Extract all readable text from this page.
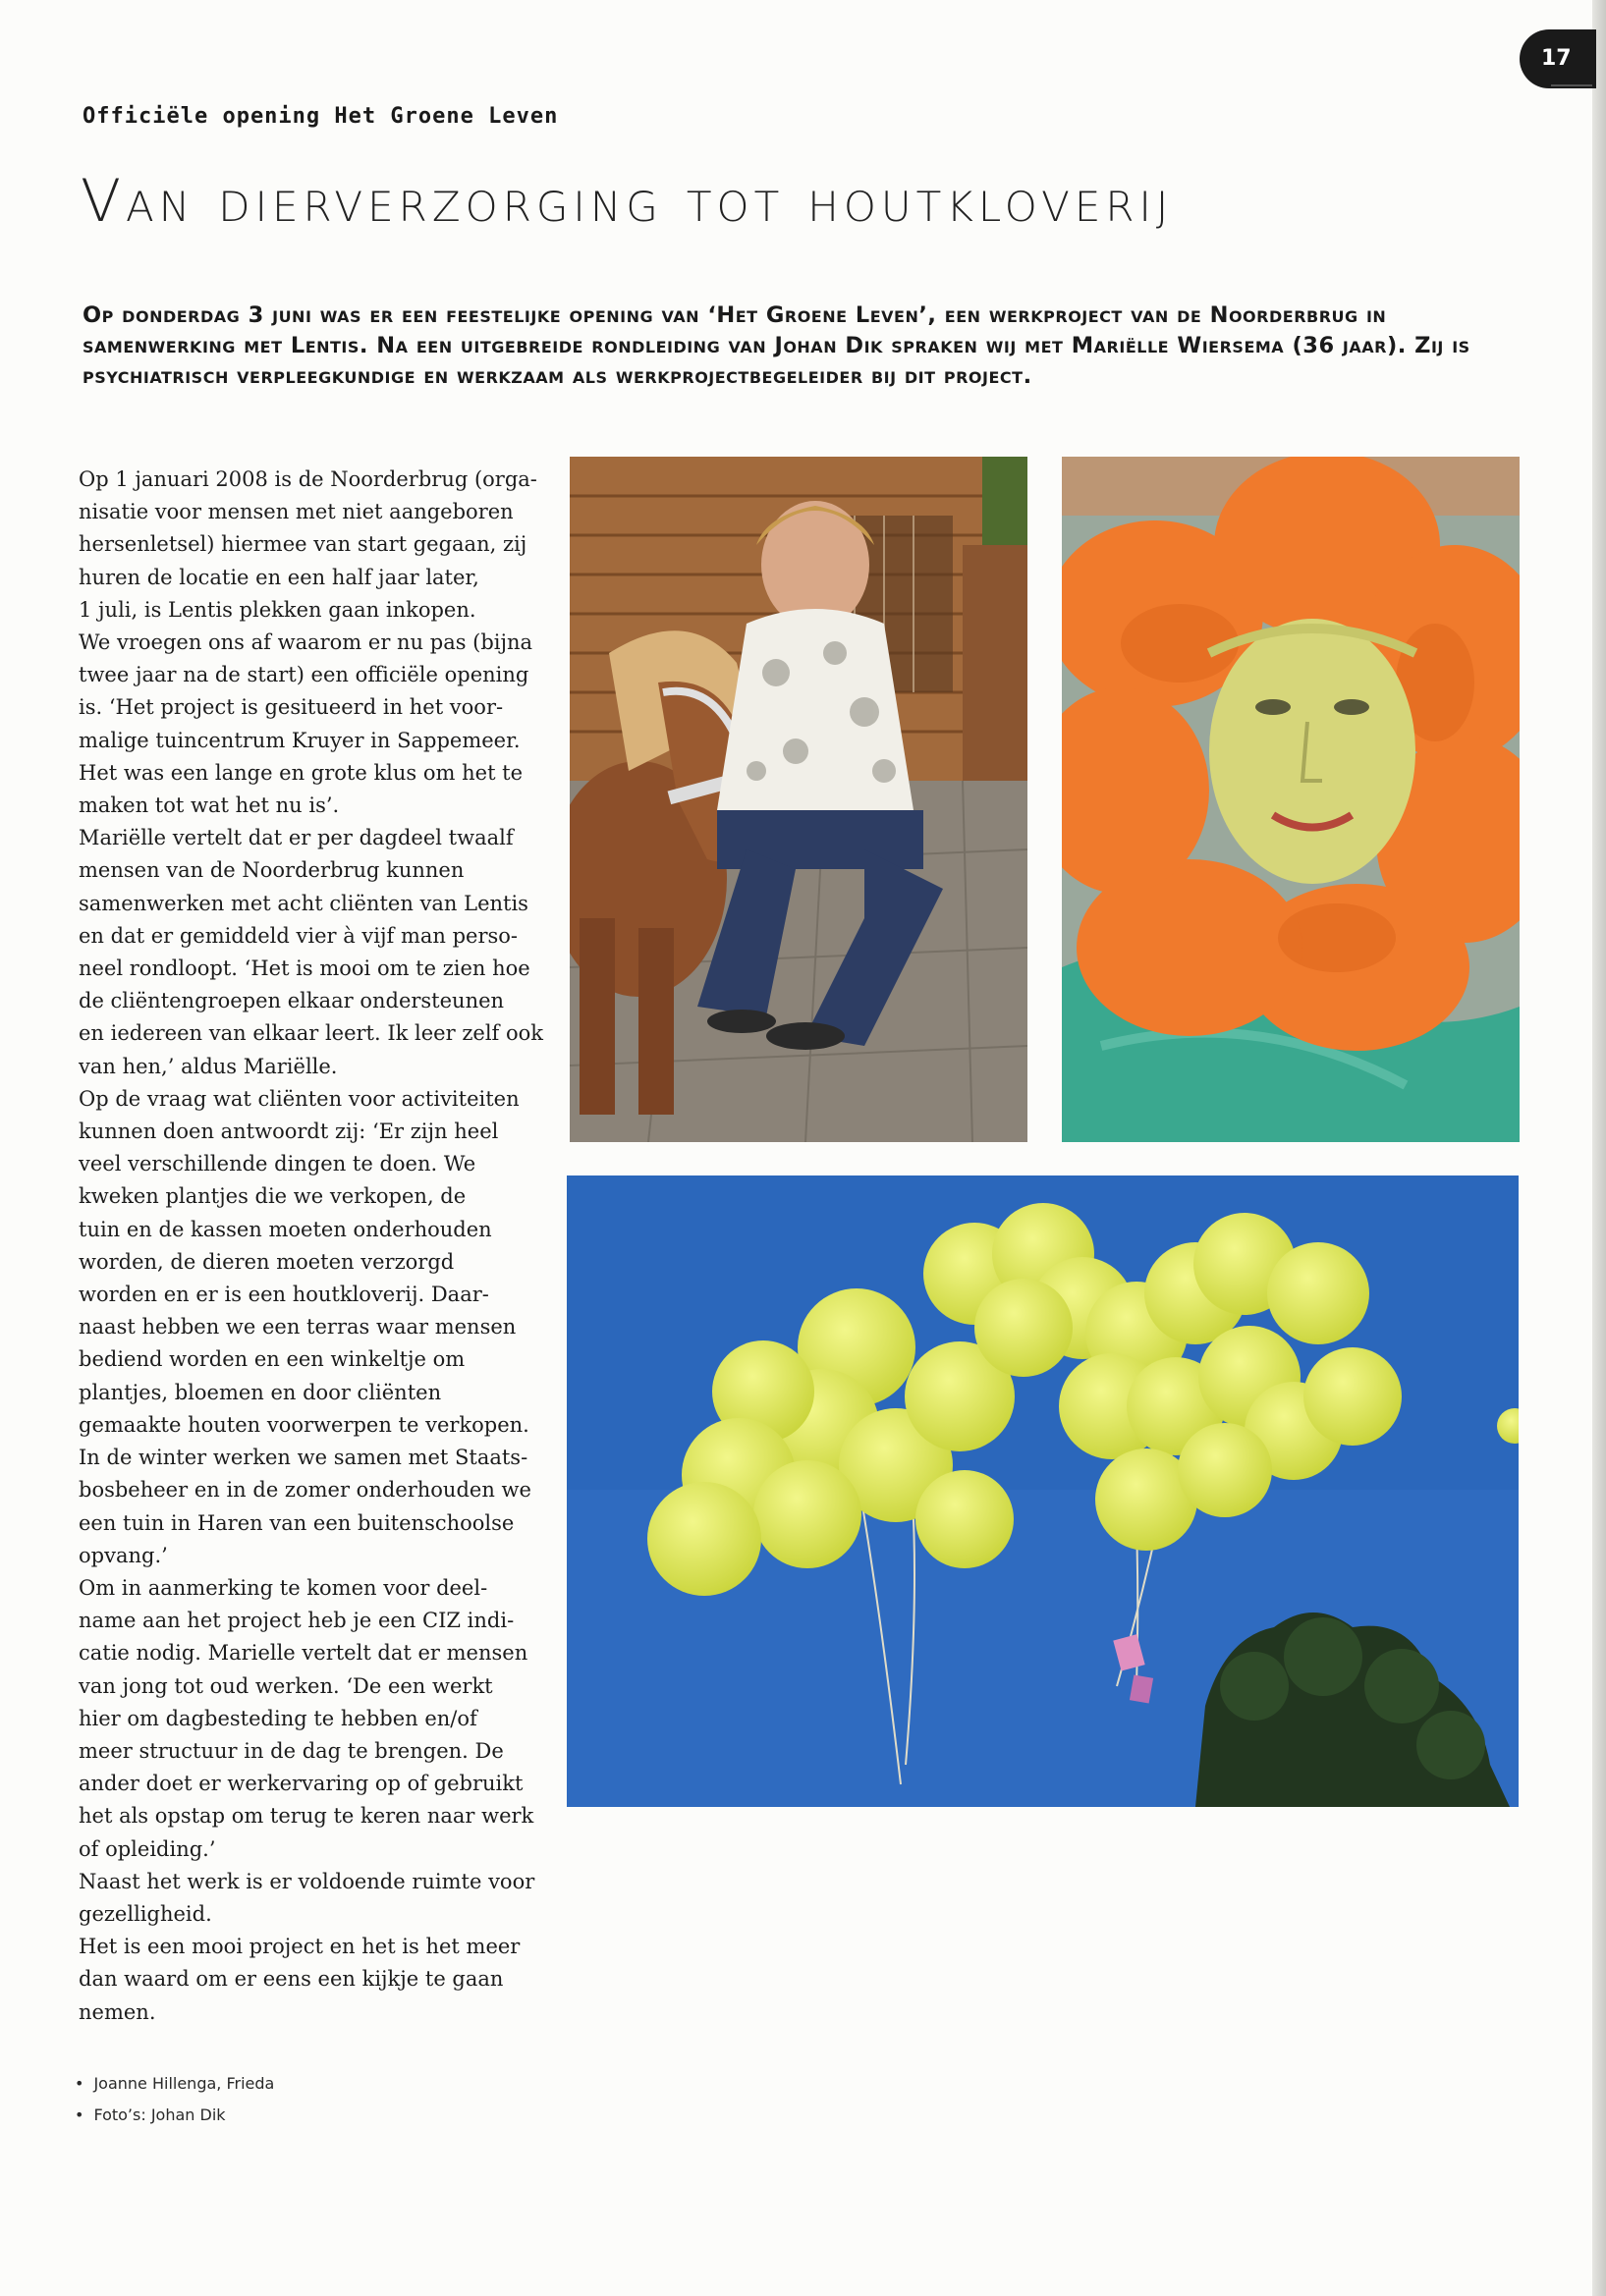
17
Officiële opening Het Groene Leven
Van dierverzorging tot houtkloverij
Op donderdag 3 juni was er een feestelijke opening van ‘Het Groene Leven’, een werkproject van de Noorderbrug in samenwerking met Lentis. Na een uitgebreide rondleiding van Johan Dik spraken wij met Mariëlle Wiersema (36 jaar). Zij is psychiatrisch verpleegkundige en werkzaam als werkprojectbegeleider bij dit project.
Op 1 januari 2008 is de Noorderbrug (orga-
nisatie voor mensen met niet aangeboren
hersenletsel) hiermee van start gegaan, zij
huren de locatie en een half jaar later,
1 juli, is Lentis plekken gaan inkopen.
We vroegen ons af waarom er nu pas (bijna
twee jaar na de start) een officiële opening
is. ‘Het project is gesitueerd in het voor-
malige tuincentrum Kruyer in Sappemeer.
Het was een lange en grote klus om het te
maken tot wat het nu is’.
Mariëlle vertelt dat er per dagdeel twaalf
mensen van de Noorderbrug kunnen
samenwerken met acht cliënten van Lentis
en dat er gemiddeld vier à vijf man perso-
neel rondloopt. ‘Het is mooi om te zien hoe
de cliëntengroepen elkaar ondersteunen
en iedereen van elkaar leert. Ik leer zelf ook
van hen,’ aldus Mariëlle.
Op de vraag wat cliënten voor activiteiten
kunnen doen antwoordt zij: ‘Er zijn heel
veel verschillende dingen te doen. We
kweken plantjes die we verkopen, de
tuin en de kassen moeten onderhouden
worden, de dieren moeten verzorgd
worden en er is een houtkloverij. Daar-
naast hebben we een terras waar mensen
bediend worden en een winkeltje om
plantjes, bloemen en door cliënten
gemaakte houten voorwerpen te verkopen.
In de winter werken we samen met Staats-
bosbeheer en in de zomer onderhouden we
een tuin in Haren van een buitenschoolse
opvang.’
Om in aanmerking te komen voor deel-
name aan het project heb je een CIZ indi-
catie nodig. Marielle vertelt dat er mensen
van jong tot oud werken. ‘De een werkt
hier om dagbesteding te hebben en/of
meer structuur in de dag te brengen. De
ander doet er werkervaring op of gebruikt
het als opstap om terug te keren naar werk
of opleiding.’
Naast het werk is er voldoende ruimte voor
gezelligheid.
Het is een mooi project en het is het meer
dan waard om er eens een kijkje te gaan
nemen.
• Joanne Hillenga, Frieda
• Foto’s: Johan Dik
